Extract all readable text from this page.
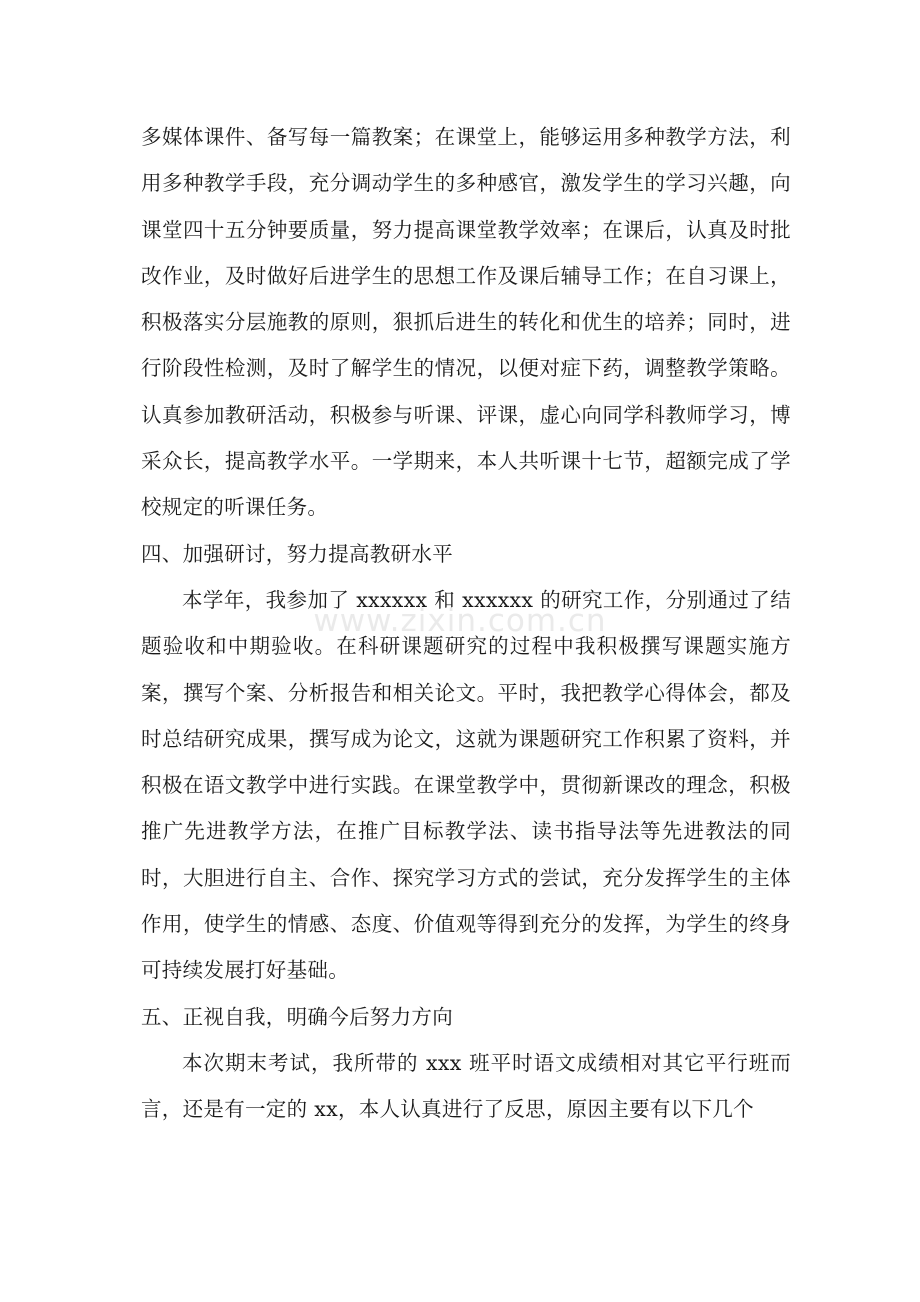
多媒体课件、备写每一篇教案；在课堂上，能够运用多种教学方法，利用多种教学手段，充分调动学生的多种感官，激发学生的学习兴趣，向课堂四十五分钟要质量，努力提高课堂教学效率；在课后，认真及时批改作业，及时做好后进学生的思想工作及课后辅导工作；在自习课上，积极落实分层施教的原则，狠抓后进生的转化和优生的培养；同时，进行阶段性检测，及时了解学生的情况，以便对症下药，调整教学策略。认真参加教研活动，积极参与听课、评课，虚心向同学科教师学习，博采众长，提高教学水平。一学期来，本人共听课十七节，超额完成了学校规定的听课任务。

四、加强研讨，努力提高教研水平

本学年，我参加了 xxxxxx 和 xxxxxx 的研究工作，分别通过了结题验收和中期验收。在科研课题研究的过程中我积极撰写课题实施方案，撰写个案、分析报告和相关论文。平时，我把教学心得体会，都及时总结研究成果，撰写成为论文，这就为课题研究工作积累了资料，并积极在语文教学中进行实践。在课堂教学中，贯彻新课改的理念，积极推广先进教学方法，在推广目标教学法、读书指导法等先进教法的同时，大胆进行自主、合作、探究学习方式的尝试，充分发挥学生的主体作用，使学生的情感、态度、价值观等得到充分的发挥，为学生的终身可持续发展打好基础。

五、正视自我，明确今后努力方向

本次期末考试，我所带的 xxx 班平时语文成绩相对其它平行班而言，还是有一定的 xx，本人认真进行了反思，原因主要有以下几个

www.zixin.com.cn
